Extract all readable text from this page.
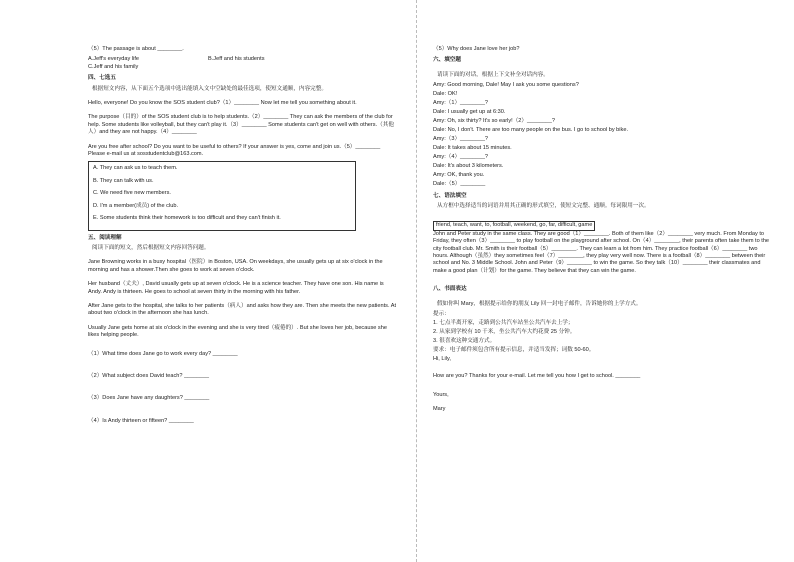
（5）The passage is about ________.

A.Jeff's everyday life	B.Jeff and his students

C.Jeff and his family

四、七选五

根据短文内容，从下面五个选项中选出能填入文中空缺处的最佳选项，使短文通顺，内容完整。

Hello, everyone! Do you know the SOS student club?（1）________ Now let me tell you something about it.

The purpose（目的）of the SOS student club is to help students.（2）________ They can ask the members of the club for help. Some students like volleyball, but they can't play it.（3）________ Some students can't get on well with others.（其他人）and they are not happy.（4）________

Are you free after school? Do you want to be useful to others? If your answer is yes, come and join us.（5）________ Please e-mail us at sosstudentclub@163.com.

A. They can ask us to teach them.

B. They can talk with us.

C. We need five new members.

D. I'm a member(成员) of the club.

E. Some students think their homework is too difficult and they can't finish it.

五、阅读理解

阅读下面的短文，然后根据短文内容回答问题。

Jane Browning works in a busy hospital（医院）in Boston, USA. On weekdays, she usually gets up at six o'clock in the morning and has a shower.Then she goes to work at seven o'clock.

Her husband（丈夫）, David usually gets up at seven o'clock. He is a science teacher. They have one son. His name is Andy. Andy is thirteen. He goes to school at seven thirty in the morning with his father.

After Jane gets to the hospital, she talks to her patients（病人）and asks how they are. Then she meets the new patients. At about two o'clock in the afternoon she has lunch.

Usually Jane gets home at six o'clock in the evening and she is very tired（疲倦的）. But she loves her job, because she likes helping people.

（1）What time does Jane go to work every day? ________

（2）What subject does David teach? ________

（3）Does Jane have any daughters? ________

（4）Is Andy thirteen or fifteen? ________

（5）Why does Jane love her job?

六、填空题

请读下面的对话，根据上下文补全对话内容。

Amy: Good morning, Dale! May I ask you some questions?

Dale: OK!

Amy:（1）________?

Dale: I usually get up at 6:30.

Amy: Oh, six thirty? It's so early!（2）________?

Dale: No, I don't. There are too many people on the bus. I go to school by bike.

Amy:（3）________?

Dale: It takes about 15 minutes.

Amy:（4）________?

Dale: It's about 3 kilometers.

Amy: OK, thank you.

Dale:（5）________

七、语法填空

从方框中选择适当的词语并用其正确的形式填空，使短文完整、通顺。每词限用一次。

friend, teach, want, to, football, weekend, go, far, difficult, game

John and Peter study in the same class. They are good（1）________. Both of them like（2）________ very much. From Monday to Friday, they often（3）________ to play football on the playground after school. On（4）________, their parents often take them to the city football club. Mr. Smith is their football（5）________. They can learn a lot from him. They practice football（6）________ two hours. Although（虽然）they sometimes feel（7）________, they play very well now. There is a football（8）________ between their school and No. 3 Middle School. John and Peter（9）________ to win the game. So they talk（10）________ their classmates and make a good plan（计划）for the game. They believe that they can win the game.

八、书面表达

假如你叫 Mary，根据提示给你的朋友 Lily 回一封电子邮件，告诉她你的上学方式。

提示：

1. 七点半离开家，走路到公共汽车站坐公共汽车去上学；

2. 从家到学校有 10 千米，坐公共汽车大约花费 25 分钟。

3. 很喜欢这种交通方式。

要求：电子邮件须包含所有提示信息，并适当发挥；词数 50-60。

Hi, Lily,

How are you? Thanks for your e-mail. Let me tell you how I get to school. ________

Yours,

Mary
